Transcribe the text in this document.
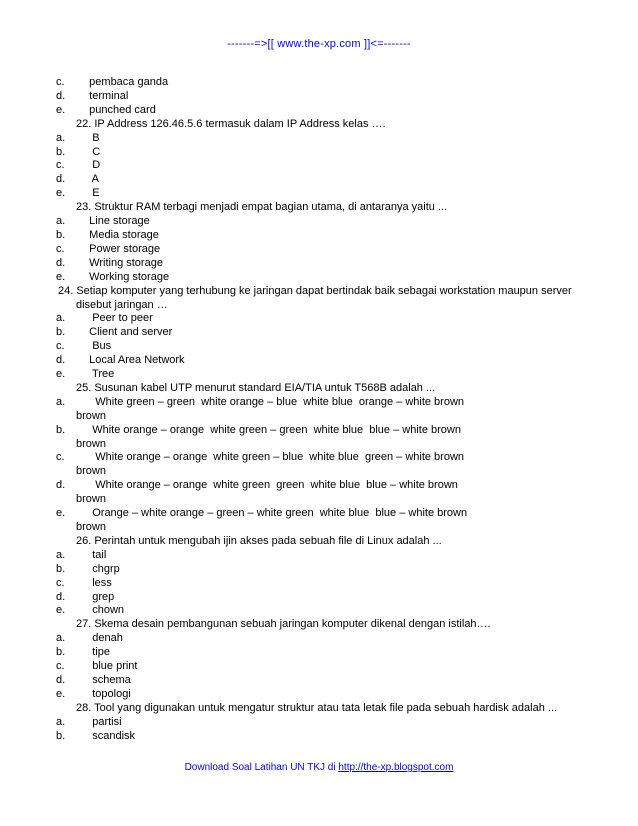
-------=>[[ www.the-xp.com ]]<=-------
c.	pembaca ganda
d.	terminal
e.	punched card
22. IP Address 126.46.5.6 termasuk dalam IP Address kelas ….
a.	B
b.	C
c.	D
d.	A
e.	E
23. Struktur RAM terbagi menjadi empat bagian utama, di antaranya yaitu ...
a.	Line storage
b.	Media storage
c.	Power storage
d.	Writing storage
e.	Working storage
24. Setiap komputer yang terhubung ke jaringan dapat bertindak baik sebagai workstation maupun server
disebut jaringan …
a.	Peer to peer
b.	Client and server
c.	Bus
d.	Local Area Network
e.	Tree
25. Susunan kabel UTP menurut standard EIA/TIA untuk T568B adalah ...
a.	White green – green  white orange – blue  white blue  orange – white brown
brown
b.	White orange – orange  white green – green  white blue  blue – white brown
brown
c.	White orange – orange  white green – blue  white blue  green – white brown
brown
d.	White orange – orange  white green  green  white blue  blue – white brown
brown
e.	Orange – white orange – green – white green  white blue  blue – white brown
brown
26. Perintah untuk mengubah ijin akses pada sebuah file di Linux adalah ...
a.	tail
b.	chgrp
c.	less
d.	grep
e.	chown
27. Skema desain pembangunan sebuah jaringan komputer dikenal dengan istilah….
a.	denah
b.	tipe
c.	blue print
d.	schema
e.	topologi
28. Tool yang digunakan untuk mengatur struktur atau tata letak file pada sebuah hardisk adalah ...
a.	partisi
b.	scandisk
Download Soal Latihan UN TKJ di http://the-xp.blogspot.com
